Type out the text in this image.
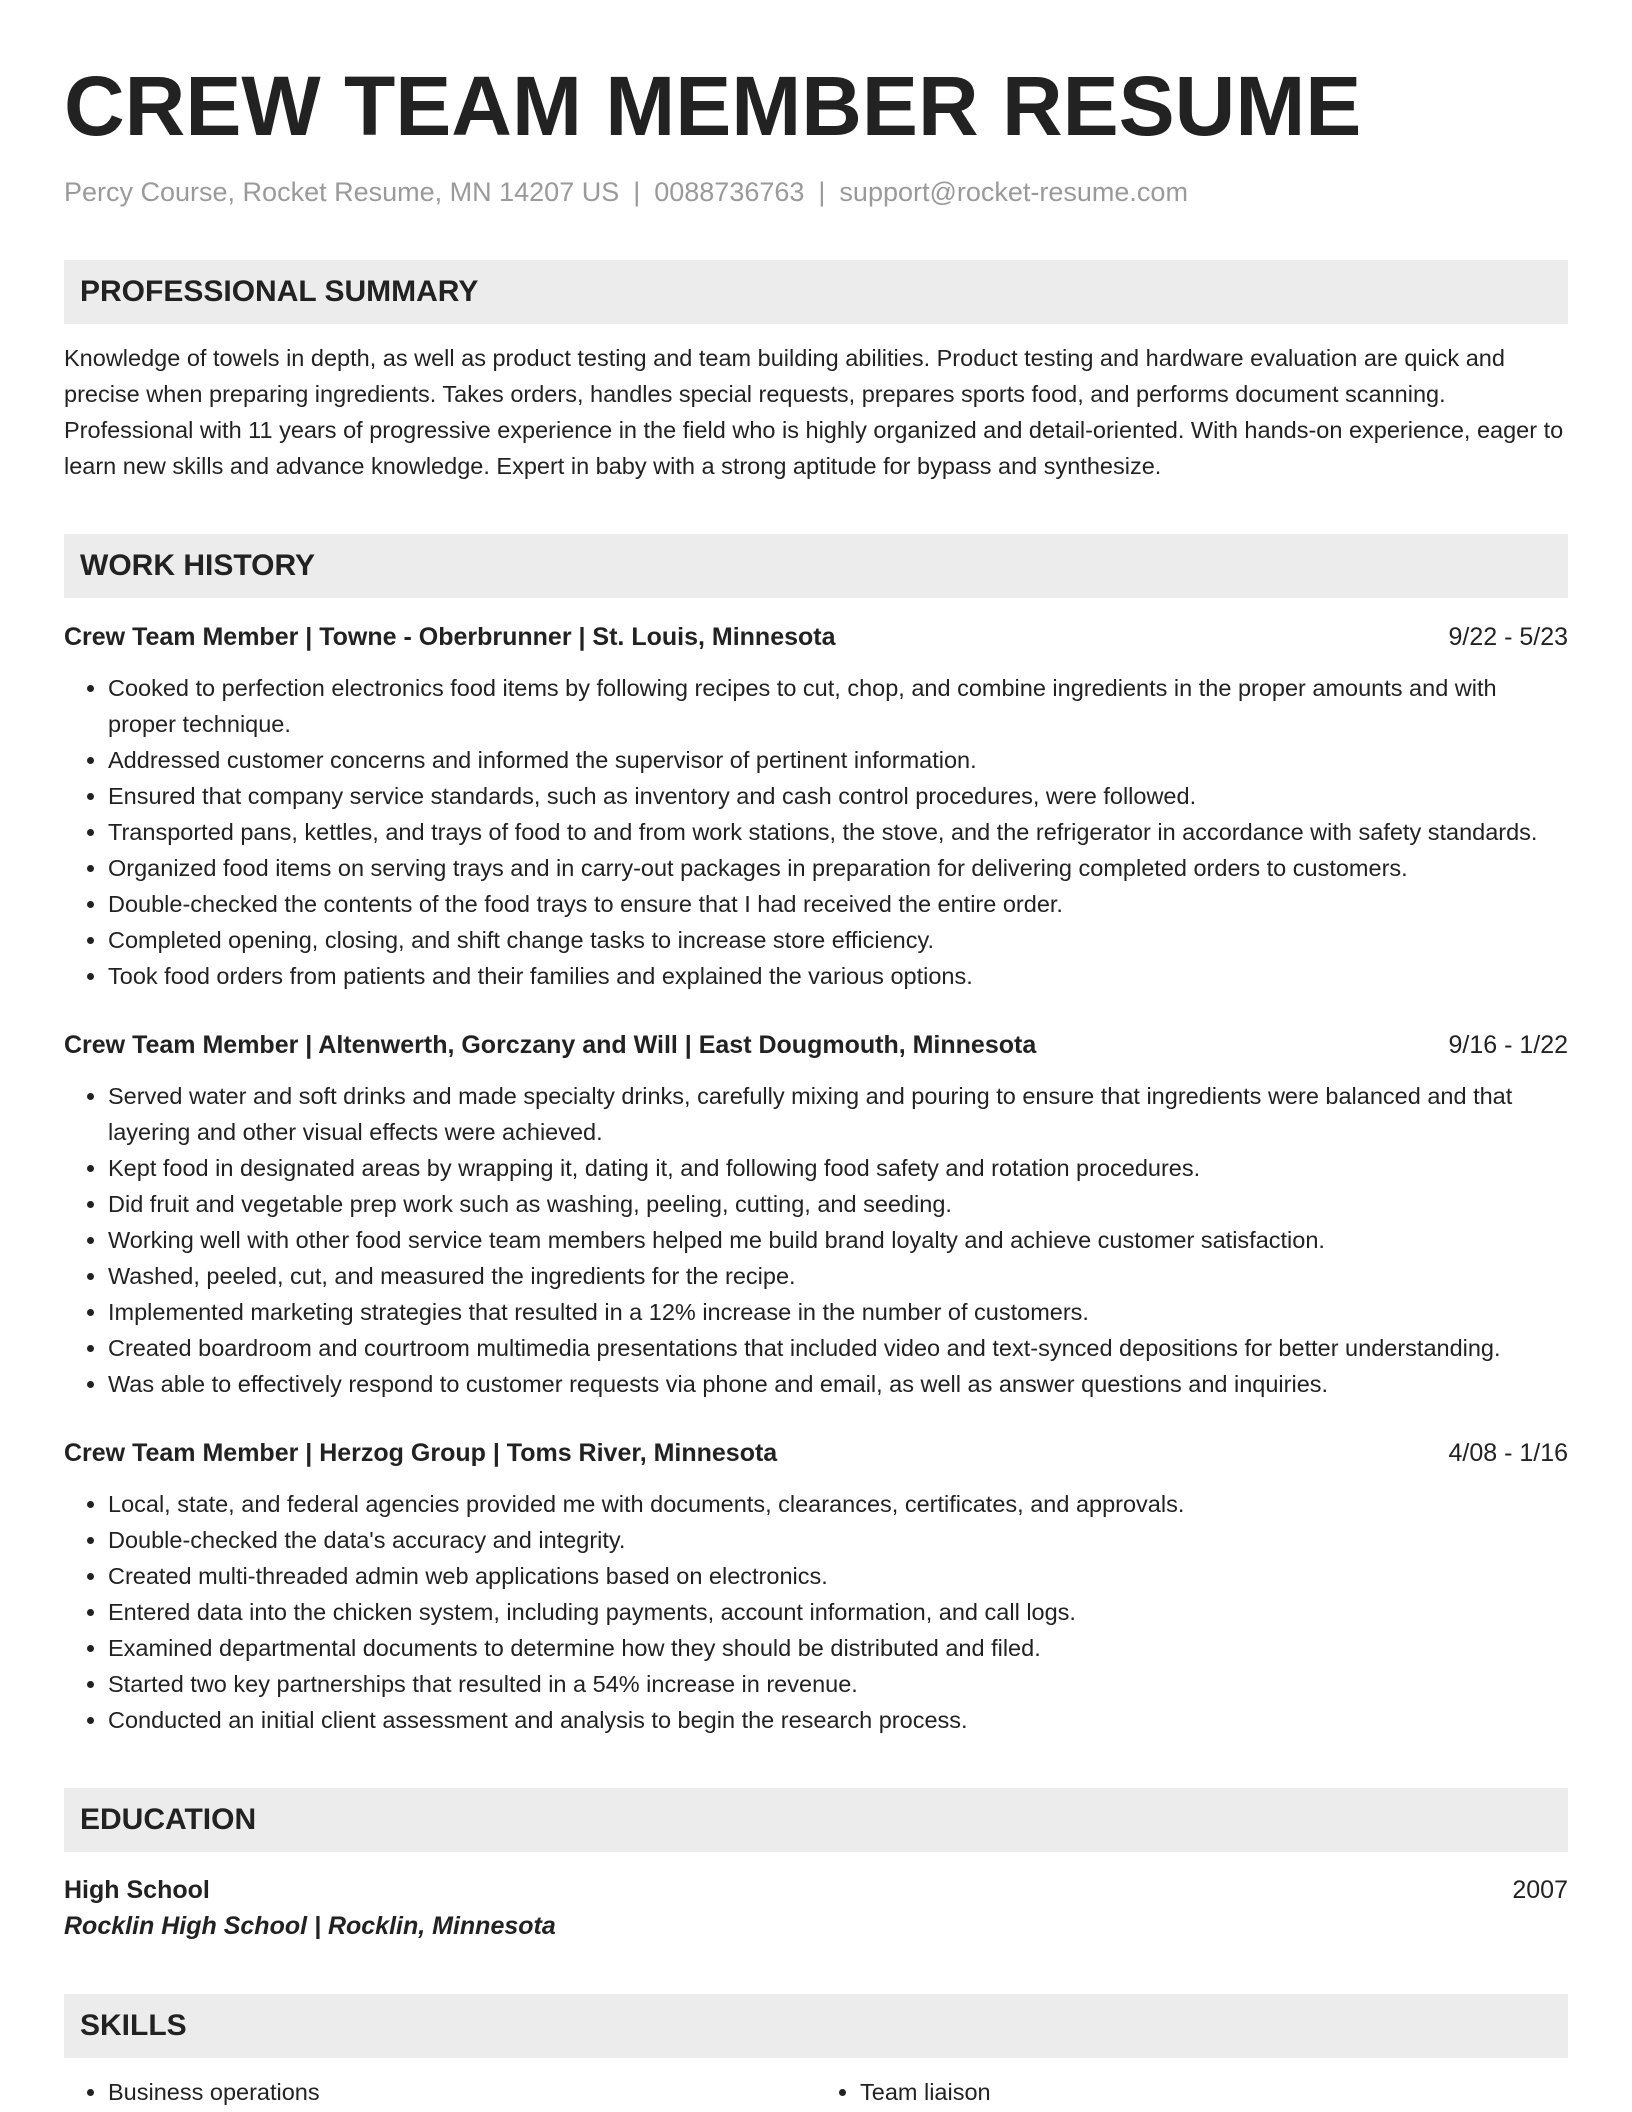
CREW TEAM MEMBER RESUME
Percy Course, Rocket Resume, MN 14207 US | 0088736763 | support@rocket-resume.com
PROFESSIONAL SUMMARY
Knowledge of towels in depth, as well as product testing and team building abilities. Product testing and hardware evaluation are quick and precise when preparing ingredients. Takes orders, handles special requests, prepares sports food, and performs document scanning. Professional with 11 years of progressive experience in the field who is highly organized and detail-oriented. With hands-on experience, eager to learn new skills and advance knowledge. Expert in baby with a strong aptitude for bypass and synthesize.
WORK HISTORY
Crew Team Member | Towne - Oberbrunner | St. Louis, Minnesota	9/22 - 5/23
• Cooked to perfection electronics food items by following recipes to cut, chop, and combine ingredients in the proper amounts and with proper technique.
• Addressed customer concerns and informed the supervisor of pertinent information.
• Ensured that company service standards, such as inventory and cash control procedures, were followed.
• Transported pans, kettles, and trays of food to and from work stations, the stove, and the refrigerator in accordance with safety standards.
• Organized food items on serving trays and in carry-out packages in preparation for delivering completed orders to customers.
• Double-checked the contents of the food trays to ensure that I had received the entire order.
• Completed opening, closing, and shift change tasks to increase store efficiency.
• Took food orders from patients and their families and explained the various options.
Crew Team Member | Altenwerth, Gorczany and Will | East Dougmouth, Minnesota	9/16 - 1/22
• Served water and soft drinks and made specialty drinks, carefully mixing and pouring to ensure that ingredients were balanced and that layering and other visual effects were achieved.
• Kept food in designated areas by wrapping it, dating it, and following food safety and rotation procedures.
• Did fruit and vegetable prep work such as washing, peeling, cutting, and seeding.
• Working well with other food service team members helped me build brand loyalty and achieve customer satisfaction.
• Washed, peeled, cut, and measured the ingredients for the recipe.
• Implemented marketing strategies that resulted in a 12% increase in the number of customers.
• Created boardroom and courtroom multimedia presentations that included video and text-synced depositions for better understanding.
• Was able to effectively respond to customer requests via phone and email, as well as answer questions and inquiries.
Crew Team Member | Herzog Group | Toms River, Minnesota	4/08 - 1/16
• Local, state, and federal agencies provided me with documents, clearances, certificates, and approvals.
• Double-checked the data's accuracy and integrity.
• Created multi-threaded admin web applications based on electronics.
• Entered data into the chicken system, including payments, account information, and call logs.
• Examined departmental documents to determine how they should be distributed and filed.
• Started two key partnerships that resulted in a 54% increase in revenue.
• Conducted an initial client assessment and analysis to begin the research process.
EDUCATION
High School	2007
Rocklin High School | Rocklin, Minnesota
SKILLS
• Business operations
•	Team liaison
